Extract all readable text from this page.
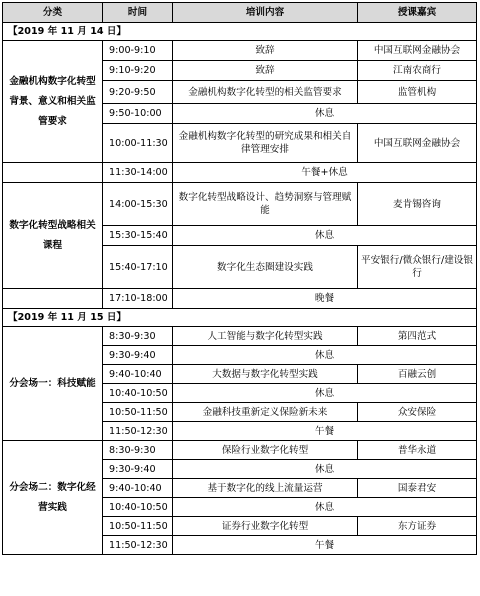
分类	时间	培训内容	授课嘉宾
【2019 年 11 月 14 日】			
金融机构数字化转型背景、意义和相关监管要求	9:00-9:10	致辞	中国互联网金融协会
	9:10-9:20	致辞	江南农商行
	9:20-9:50	金融机构数字化转型的相关监管要求	监管机构
	9:50-10:00	休息	
	10:00-11:30	金融机构数字化转型的研究成果和相关自律管理安排	中国互联网金融协会
	11:30-14:00	午餐+休息	
数字化转型战略相关课程	14:00-15:30	数字化转型战略设计、趋势洞察与管理赋能	麦肯锡咨询
	15:30-15:40	休息	
	15:40-17:10	数字化生态圈建设实践	平安银行/微众银行/建设银行
	17:10-18:00	晚餐	
【2019 年 11 月 15 日】			
分会场一：科技赋能	8:30-9:30	人工智能与数字化转型实践	第四范式
	9:30-9:40	休息	
	9:40-10:40	大数据与数字化转型实践	百融云创
	10:40-10:50	休息	
	10:50-11:50	金融科技重新定义保险新未来	众安保险
	11:50-12:30	午餐	
分会场二：数字化经营实践	8:30-9:30	保险行业数字化转型	普华永道
	9:30-9:40	休息	
	9:40-10:40	基于数字化的线上流量运营	国泰君安
	10:40-10:50	休息	
	10:50-11:50	证券行业数字化转型	东方证券
	11:50-12:30	午餐	
